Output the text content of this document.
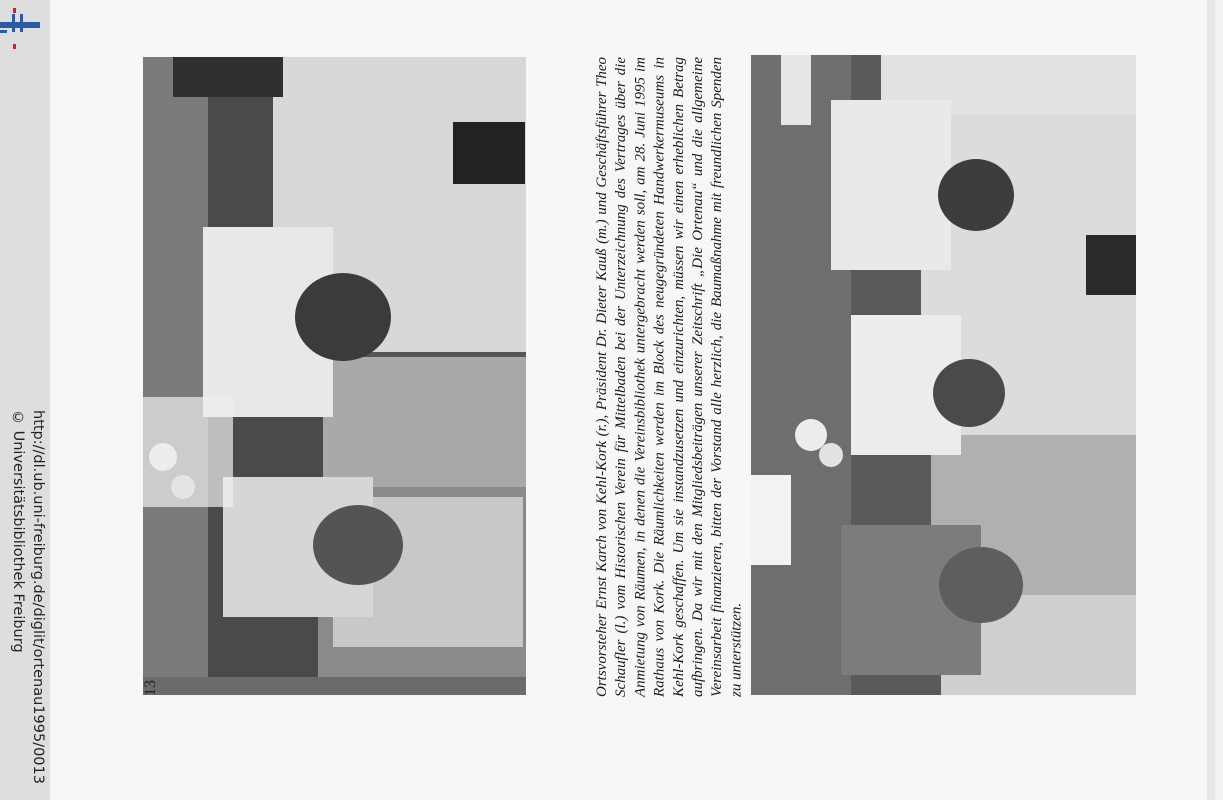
http://dl.ub.uni-freiburg.de/diglit/ortenau1995/0013
© Universitätsbibliothek Freiburg	Ortsvorsteher Ernst Karch von Kehl-Kork (r.), Präsident Dr. Dieter Kauß (m.) und Geschäftsführer Theo Schaufler (l.) vom Historischen Verein für Mittelbaden bei der Unterzeichnung des Vertrages über die Anmietung von Räumen, in denen die Vereinsbibliothek untergebracht werden soll, am 28. Juni 1995 im Rathaus von Kork. Die Räumlichkeiten werden im Block des neugegründeten Handwerkermuseums in Kehl-Kork geschaffen. Um sie instandzusetzen und einzurichten, müssen wir einen erheblichen Betrag aufbringen. Da wir mit den Mitgliedsbeiträgen unserer Zeitschrift „Die Ortenau“ und die allgemeine Vereinsarbeit finanzieren, bitten der Vorstand alle herzlich, die Baumaßnahme mit freundlichen Spenden zu unterstützen.
13
